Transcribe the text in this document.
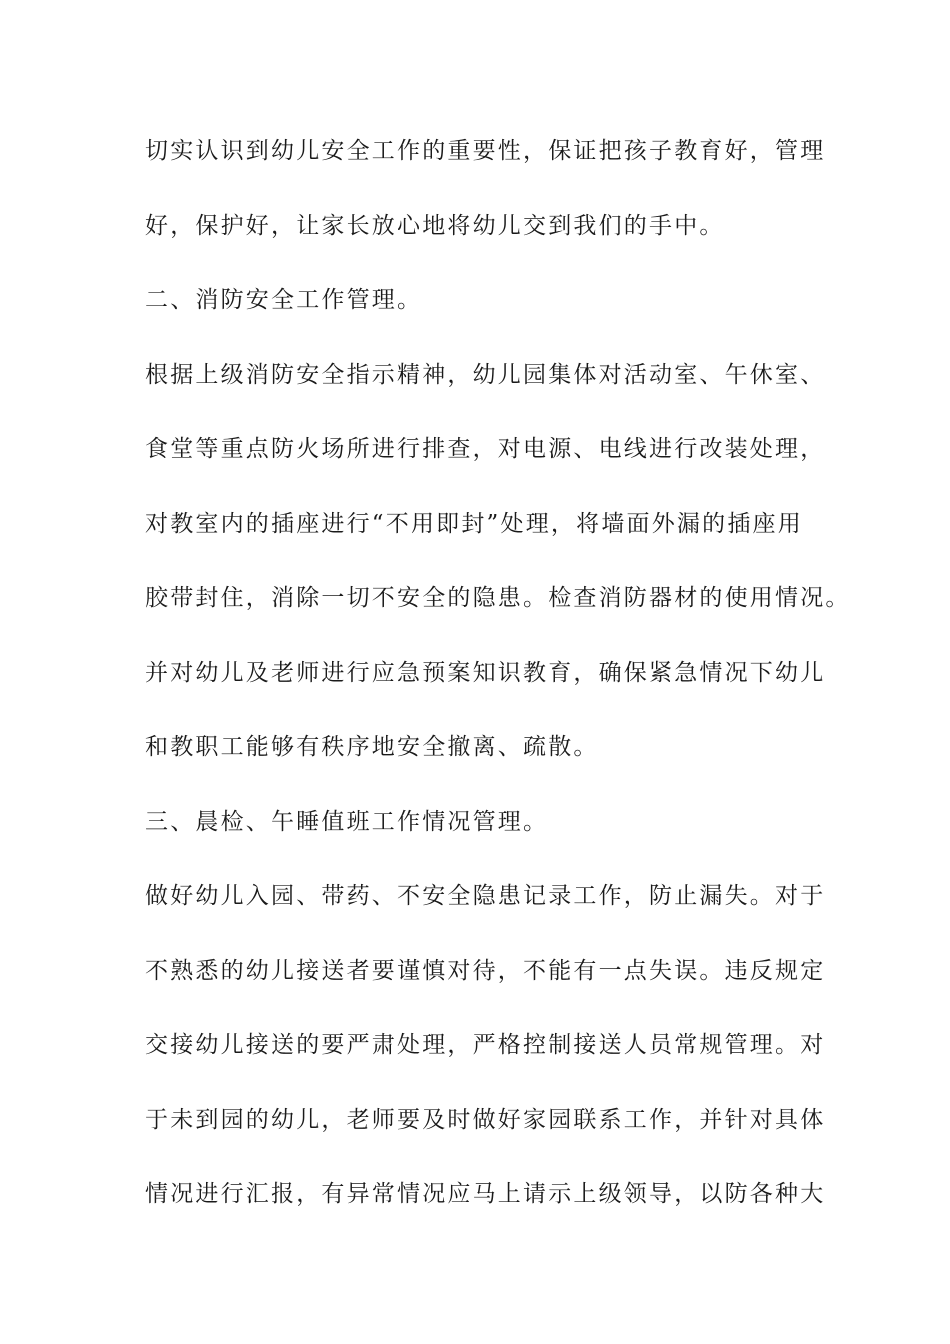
切实认识到幼儿安全工作的重要性，保证把孩子教育好，管理
好，保护好，让家长放心地将幼儿交到我们的手中。
二、消防安全工作管理。
根据上级消防安全指示精神，幼儿园集体对活动室、午休室、
食堂等重点防火场所进行排查，对电源、电线进行改装处理，
对教室内的插座进行“不用即封”处理，将墙面外漏的插座用
胶带封住，消除一切不安全的隐患。检查消防器材的使用情况。
并对幼儿及老师进行应急预案知识教育，确保紧急情况下幼儿
和教职工能够有秩序地安全撤离、疏散。
三、晨检、午睡值班工作情况管理。
做好幼儿入园、带药、不安全隐患记录工作，防止漏失。对于
不熟悉的幼儿接送者要谨慎对待，不能有一点失误。违反规定
交接幼儿接送的要严肃处理，严格控制接送人员常规管理。对
于未到园的幼儿，老师要及时做好家园联系工作，并针对具体
情况进行汇报，有异常情况应马上请示上级领导，以防各种大
